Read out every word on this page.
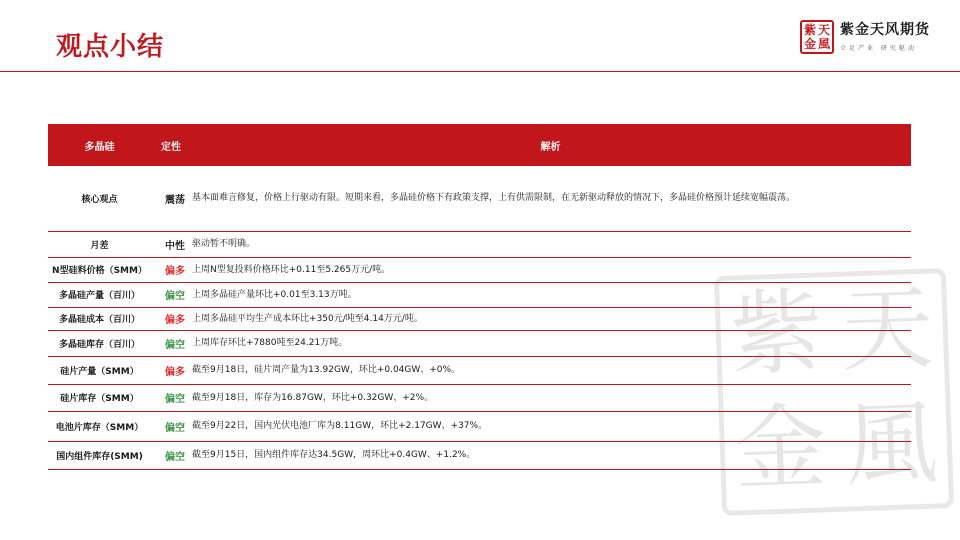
观点小结
紫 天
金 風
紫金天风期货
立足产业 研究驱动
紫 天
金 風
多晶硅	定性	解析
核心观点	震荡	基本面难言修复，价格上行驱动有限。短期来看，多晶硅价格下有政策支撑，上有供需限制，在无新驱动释放的情况下，多晶硅价格预计延续宽幅震荡。
月差	中性	驱动暂不明确。
N型硅料价格（SMM）	偏多	上周N型复投料价格环比+0.11至5.265万元/吨。
多晶硅产量（百川）	偏空	上周多晶硅产量环比+0.01至3.13万吨。
多晶硅成本（百川）	偏多	上周多晶硅平均生产成本环比+350元/吨至4.14万元/吨。
多晶硅库存（百川）	偏空	上周库存环比+7880吨至24.21万吨。
硅片产量（SMM）	偏多	截至9月18日，硅片周产量为13.92GW，环比+0.04GW、+0%。
硅片库存（SMM）	偏空	截至9月18日，库存为16.87GW，环比+0.32GW、+2%。
电池片库存（SMM）	偏空	截至9月22日，国内光伏电池厂库为8.11GW，环比+2.17GW、+37%。
国内组件库存(SMM)	偏空	截至9月15日，国内组件库存达34.5GW，周环比+0.4GW、+1.2%。
